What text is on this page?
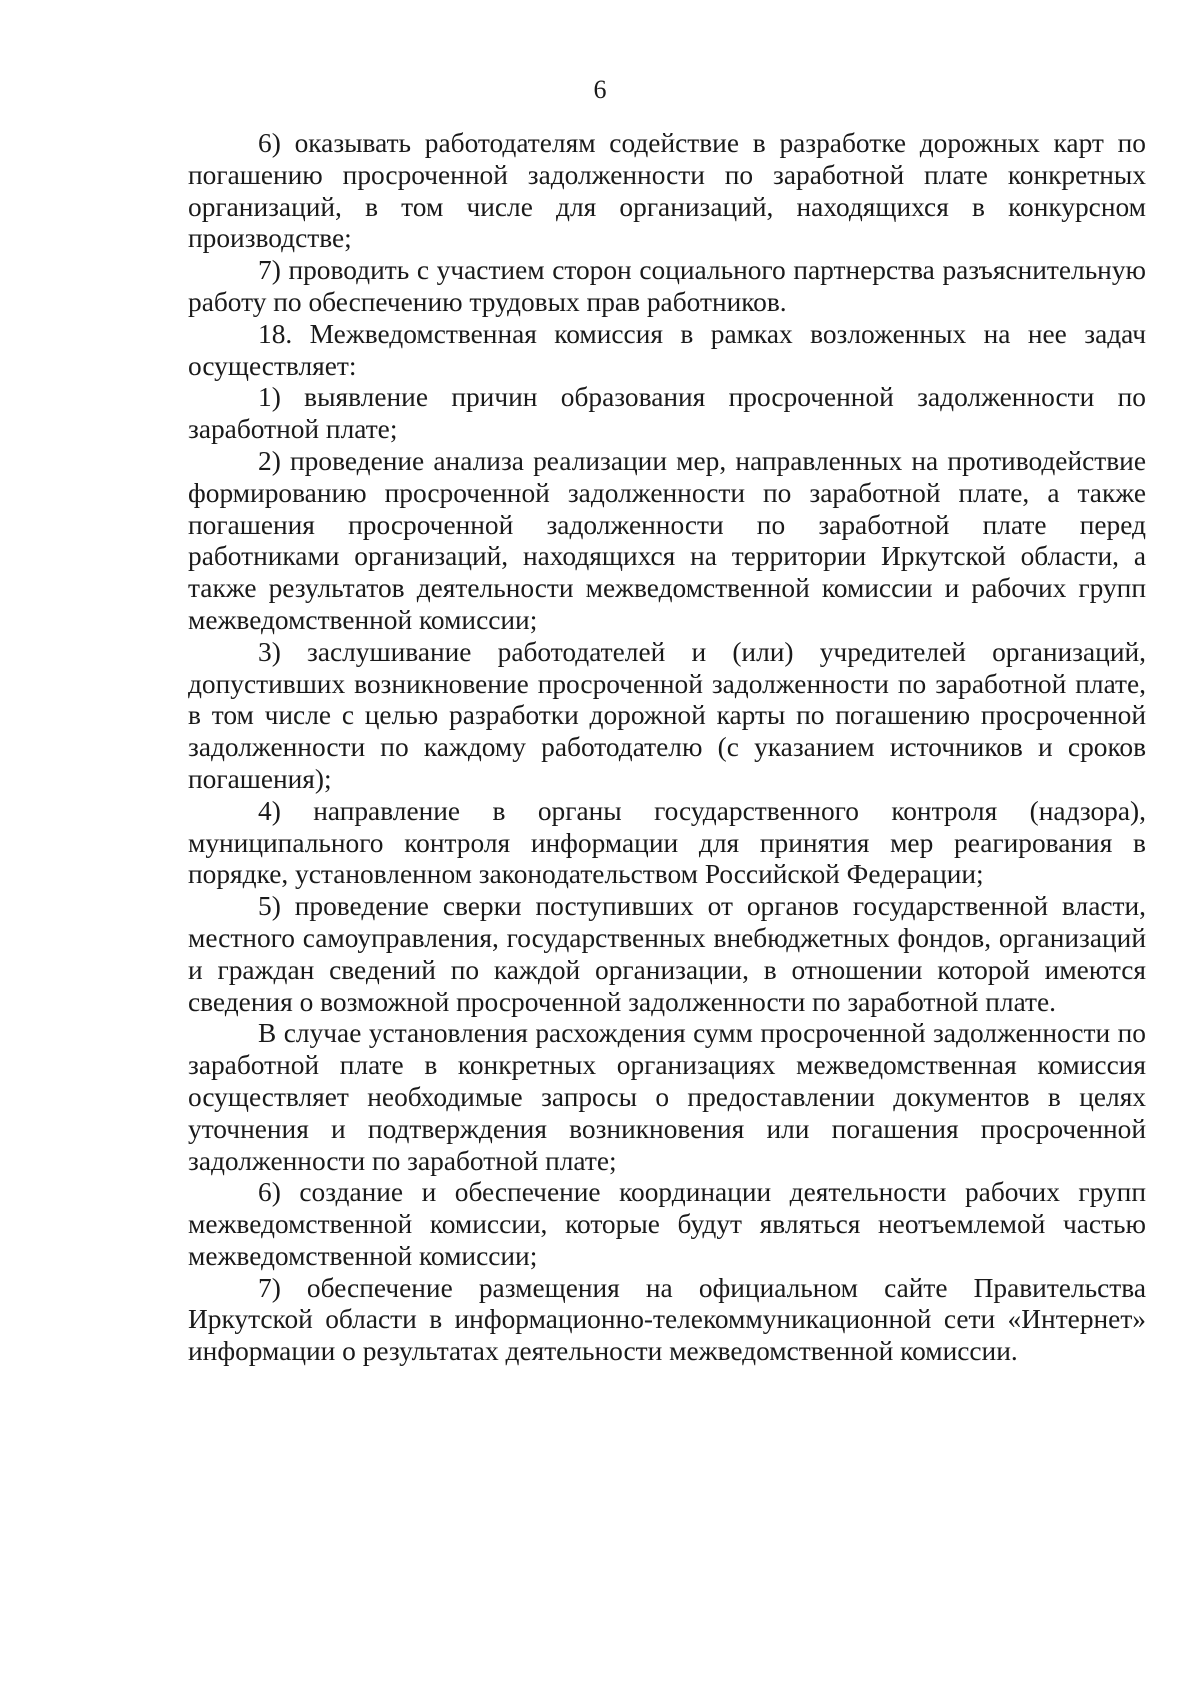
6

6) оказывать работодателям содействие в разработке дорожных карт по погашению просроченной задолженности по заработной плате конкретных организаций, в том числе для организаций, находящихся в конкурсном производстве;

7) проводить с участием сторон социального партнерства разъяснительную работу по обеспечению трудовых прав работников.

18. Межведомственная комиссия в рамках возложенных на нее задач осуществляет:

1) выявление причин образования просроченной задолженности по заработной плате;

2) проведение анализа реализации мер, направленных на противодействие формированию просроченной задолженности по заработной плате, а также погашения просроченной задолженности по заработной плате перед работниками организаций, находящихся на территории Иркутской области, а также результатов деятельности межведомственной комиссии и рабочих групп межведомственной комиссии;

3) заслушивание работодателей и (или) учредителей организаций, допустивших возникновение просроченной задолженности по заработной плате, в том числе с целью разработки дорожной карты по погашению просроченной задолженности по каждому работодателю (с указанием источников и сроков погашения);

4) направление в органы государственного контроля (надзора), муниципального контроля информации для принятия мер реагирования в порядке, установленном законодательством Российской Федерации;

5) проведение сверки поступивших от органов государственной власти, местного самоуправления, государственных внебюджетных фондов, организаций и граждан сведений по каждой организации, в отношении которой имеются сведения о возможной просроченной задолженности по заработной плате.

В случае установления расхождения сумм просроченной задолженности по заработной плате в конкретных организациях межведомственная комиссия осуществляет необходимые запросы о предоставлении документов в целях уточнения и подтверждения возникновения или погашения просроченной задолженности по заработной плате;

6) создание и обеспечение координации деятельности рабочих групп межведомственной комиссии, которые будут являться неотъемлемой частью межведомственной комиссии;

7) обеспечение размещения на официальном сайте Правительства Иркутской области в информационно-телекоммуникационной сети «Интернет» информации о результатах деятельности межведомственной комиссии.
